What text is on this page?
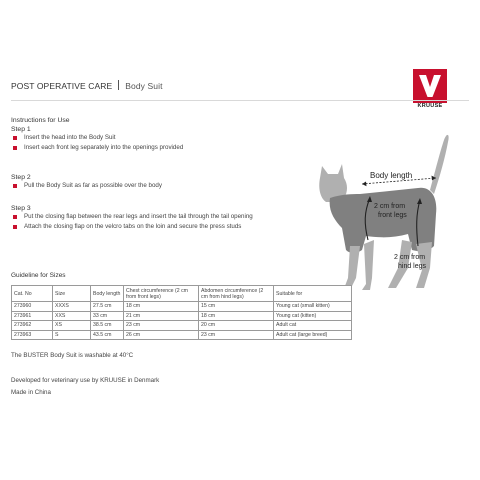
POST OPERATIVE CARE Body Suit
KRUUSE
Instructions for Use
Step 1
Insert the head into the Body Suit
Insert each front leg separately into the openings provided
Step 2
Pull the Body Suit as far as possible over the body
Step 3
Put the closing flap between the rear legs and insert the tail through the tail opening
Attach the closing flap on the velcro tabs on the loin and secure the press studs
Body length
2 cm from
front legs
2 cm from
hind legs
Guideline for Sizes
Cat. No	Size	Body length	Chest circumference (2 cm from front legs)	Abdomen circumference (2 cm from hind legs)	Suitable for
273960	XXXS	27.5 cm	18 cm	15 cm	Young cat (small kitten)
273961	XXS	33 cm	21 cm	18 cm	Young cat (kitten)
273962	XS	38.5 cm	23 cm	20 cm	Adult cat
273963	S	43.5 cm	26 cm	23 cm	Adult cat (large breed)
The BUSTER Body Suit is washable at 40°C
Developed for veterinary use by KRUUSE in Denmark
Made in China
